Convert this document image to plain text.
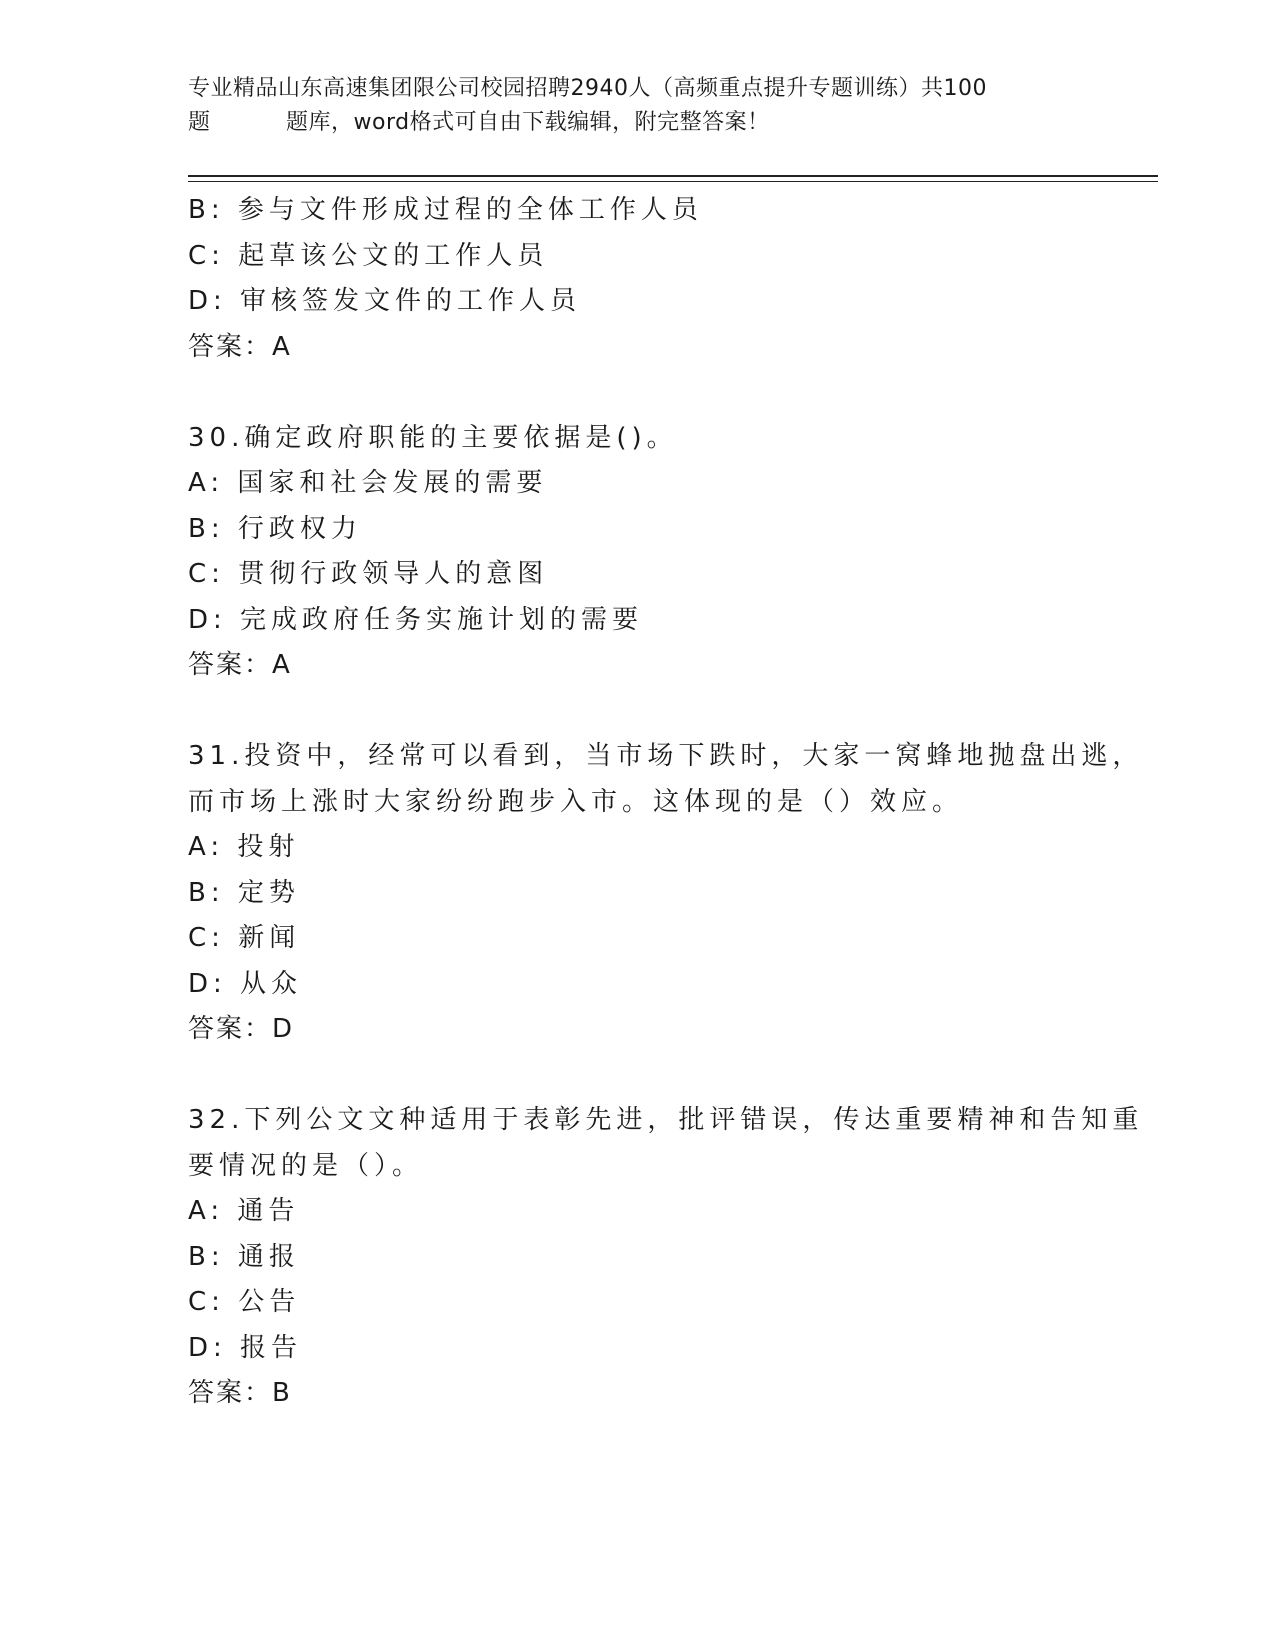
专业精品山东高速集团限公司校园招聘2940人（高频重点提升专题训练）共100
题	题库，word格式可自由下载编辑，附完整答案！
B: 参与文件形成过程的全体工作人员
C: 起草该公文的工作人员
D: 审核签发文件的工作人员
答案：A
30.确定政府职能的主要依据是()。
A: 国家和社会发展的需要
B: 行政权力
C: 贯彻行政领导人的意图
D: 完成政府任务实施计划的需要
答案：A
31.投资中，经常可以看到，当市场下跌时，大家一窝蜂地抛盘出逃，
而市场上涨时大家纷纷跑步入市。这体现的是（）效应。
A: 投射
B: 定势
C: 新闻
D: 从众
答案：D
32.下列公文文种适用于表彰先进，批评错误，传达重要精神和告知重
要情况的是（）。
A: 通告
B: 通报
C: 公告
D: 报告
答案：B
